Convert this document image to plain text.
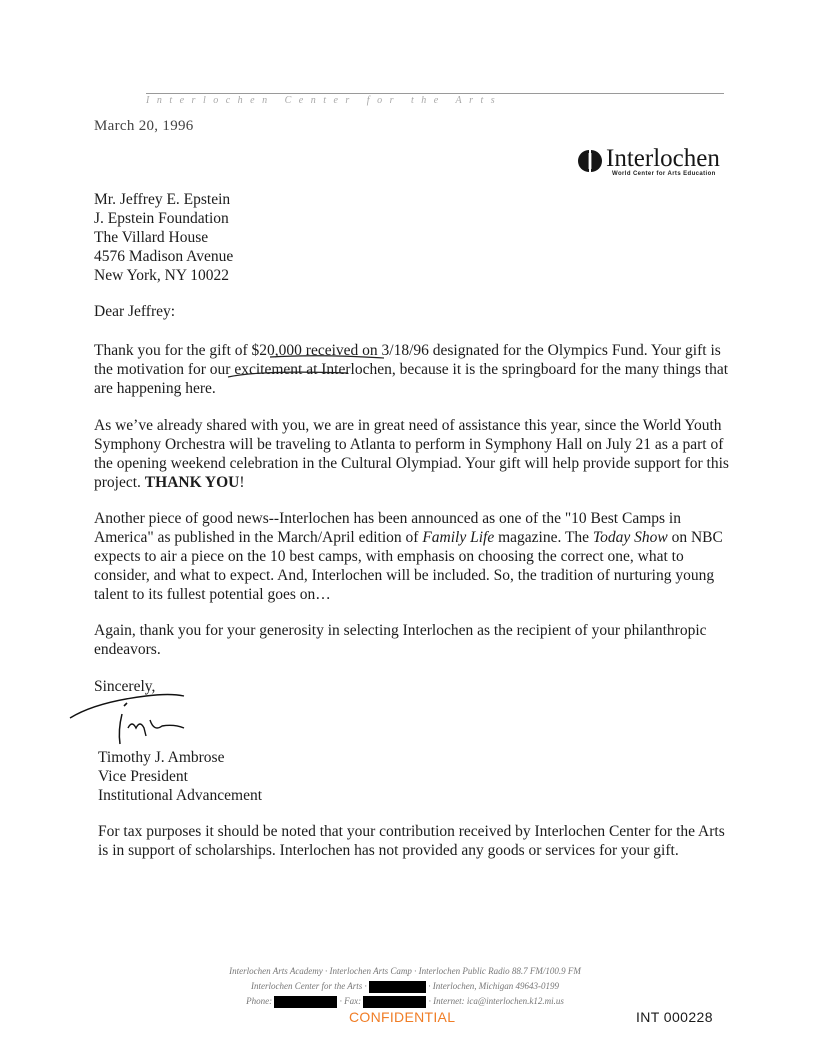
Interlochen Center for the Arts
March 20, 1996
Interlochen
World Center for Arts Education
Mr. Jeffrey E. Epstein
J. Epstein Foundation
The Villard House
4576 Madison Avenue
New York, NY 10022
Dear Jeffrey:

Thank you for the gift of $20,000 received on 3/18/96 designated for the Olympics Fund. Your gift is the motivation for our excitement at Interlochen, because it is the springboard for the many things that are happening here.

As we’ve already shared with you, we are in great need of assistance this year, since the World Youth Symphony Orchestra will be traveling to Atlanta to perform in Symphony Hall on July 21 as a part of the opening weekend celebration in the Cultural Olympiad. Your gift will help provide support for this project. THANK YOU!

Another piece of good news--Interlochen has been announced as one of the "10 Best Camps in America" as published in the March/April edition of Family Life magazine. The Today Show on NBC expects to air a piece on the 10 best camps, with emphasis on choosing the correct one, what to consider, and what to expect. And, Interlochen will be included. So, the tradition of nurturing young talent to its fullest potential goes on…

Again, thank you for your generosity in selecting Interlochen as the recipient of your philanthropic endeavors.

Sincerely,
Timothy J. Ambrose
Vice President
Institutional Advancement
For tax purposes it should be noted that your contribution received by Interlochen Center for the Arts is in support of scholarships. Interlochen has not provided any goods or services for your gift.
Interlochen Arts Academy · Interlochen Arts Camp · Interlochen Public Radio 88.7 FM/100.9 FM
Interlochen Center for the Arts ·	· Interlochen, Michigan 49643-0199
Phone:	· Fax:	· Internet: ica@interlochen.k12.mi.us
CONFIDENTIAL	INT 000228
